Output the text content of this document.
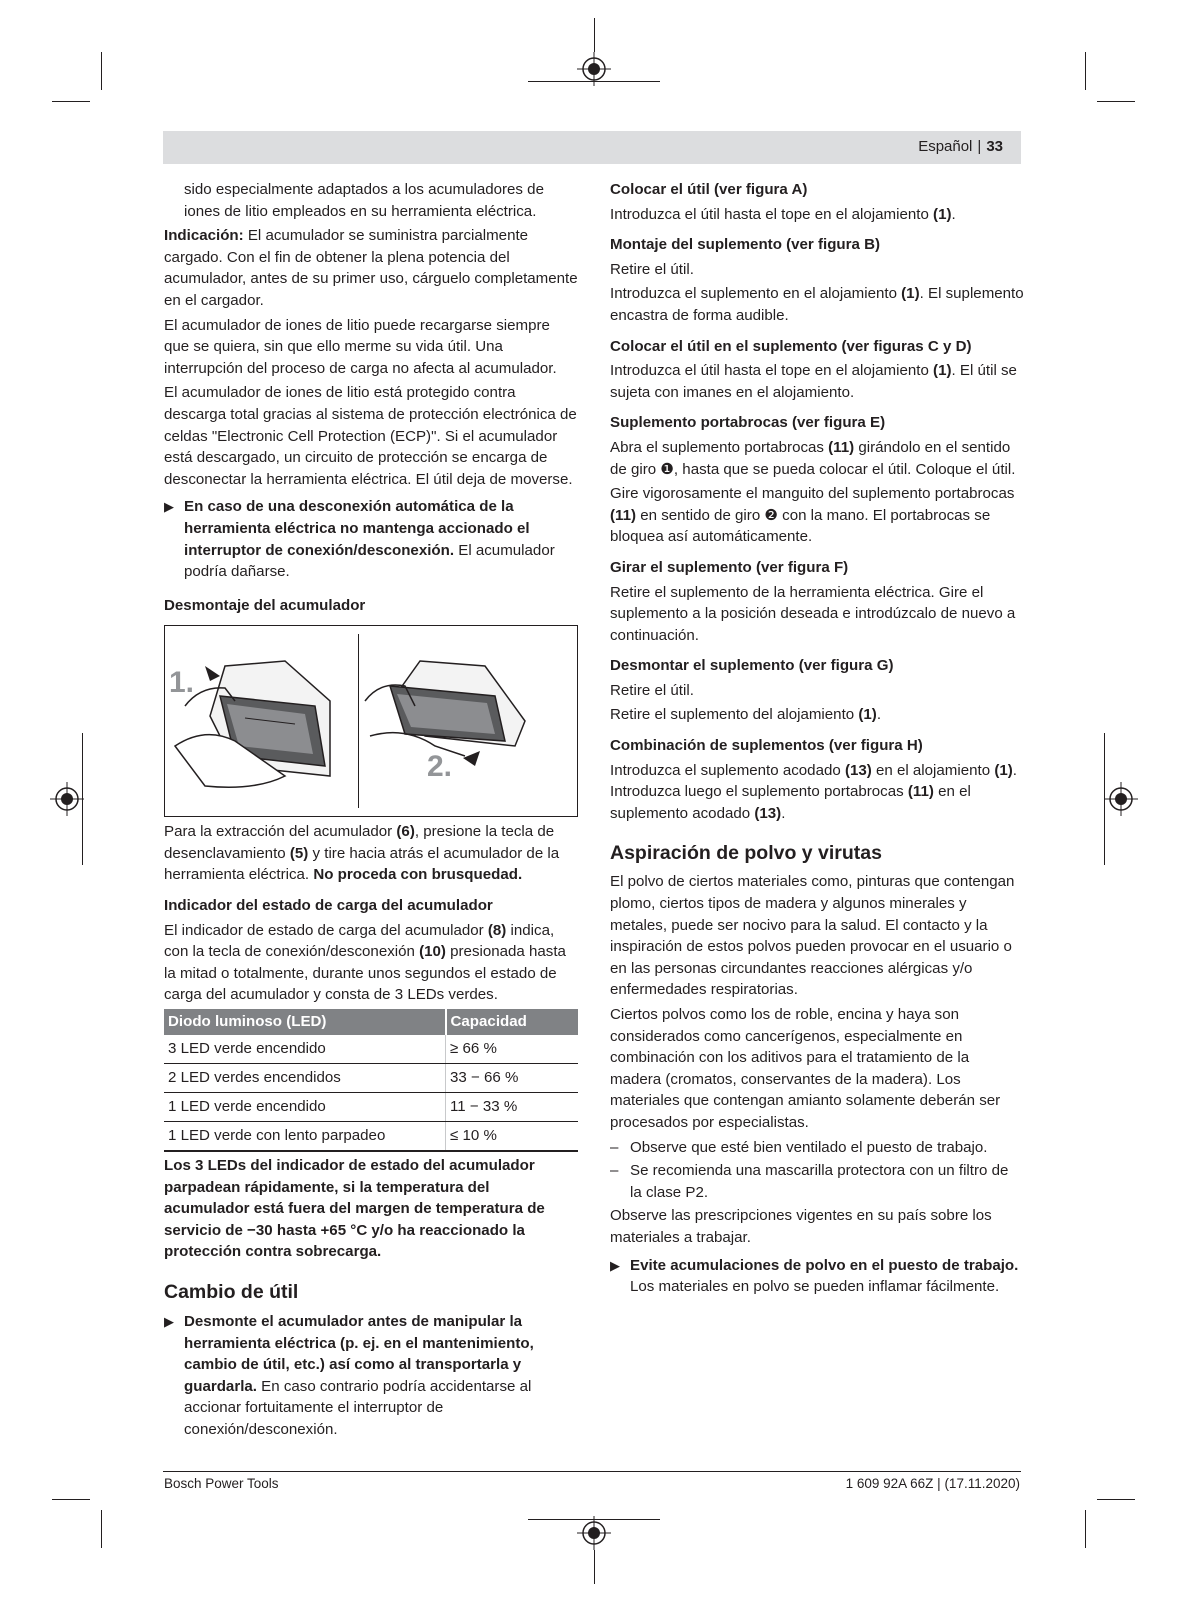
Español | 33

sido especialmente adaptados a los acumuladores de iones de litio empleados en su herramienta eléctrica.

Indicación: El acumulador se suministra parcialmente cargado. Con el fin de obtener la plena potencia del acumulador, antes de su primer uso, cárguelo completamente en el cargador.

El acumulador de iones de litio puede recargarse siempre que se quiera, sin que ello merme su vida útil. Una interrupción del proceso de carga no afecta al acumulador.

El acumulador de iones de litio está protegido contra descarga total gracias al sistema de protección electrónica de celdas "Electronic Cell Protection (ECP)". Si el acumulador está descargado, un circuito de protección se encarga de desconectar la herramienta eléctrica. El útil deja de moverse.

▶ En caso de una desconexión automática de la herramienta eléctrica no mantenga accionado el interruptor de conexión/desconexión. El acumulador podría dañarse.
Desmontaje del acumulador
1.
2.

Para la extracción del acumulador (6), presione la tecla de desenclavamiento (5) y tire hacia atrás el acumulador de la herramienta eléctrica. No proceda con brusquedad.

Indicador del estado de carga del acumulador

El indicador de estado de carga del acumulador (8) indica, con la tecla de conexión/desconexión (10) presionada hasta la mitad o totalmente, durante unos segundos el estado de carga del acumulador y consta de 3 LEDs verdes.

Diodo luminoso (LED)	Capacidad
3 LED verde encendido	≥ 66 %
2 LED verdes encendidos	33 − 66 %
1 LED verde encendido	11 − 33 %
1 LED verde con lento parpadeo	≤ 10 %

Los 3 LEDs del indicador de estado del acumulador parpadean rápidamente, si la temperatura del acumulador está fuera del margen de temperatura de servicio de −30 hasta +65 °C y/o ha reaccionado la protección contra sobrecarga.

Cambio de útil
▶ Desmonte el acumulador antes de manipular la herramienta eléctrica (p. ej. en el mantenimiento, cambio de útil, etc.) así como al transportarla y guardarla. En caso contrario podría accidentarse al accionar fortuitamente el interruptor de conexión/desconexión.
Colocar el útil (ver figura A)

Introduzca el útil hasta el tope en el alojamiento (1).

Montaje del suplemento (ver figura B)

Retire el útil.

Introduzca el suplemento en el alojamiento (1). El suplemento encastra de forma audible.

Colocar el útil en el suplemento (ver figuras C y D)

Introduzca el útil hasta el tope en el alojamiento (1). El útil se sujeta con imanes en el alojamiento.

Suplemento portabrocas (ver figura E)

Abra el suplemento portabrocas (11) girándolo en el sentido de giro ❶, hasta que se pueda colocar el útil. Coloque el útil.

Gire vigorosamente el manguito del suplemento portabrocas (11) en sentido de giro ❷ con la mano. El portabrocas se bloquea así automáticamente.

Girar el suplemento (ver figura F)

Retire el suplemento de la herramienta eléctrica. Gire el suplemento a la posición deseada e introdúzcalo de nuevo a continuación.

Desmontar el suplemento (ver figura G)

Retire el útil.

Retire el suplemento del alojamiento (1).

Combinación de suplementos (ver figura H)

Introduzca el suplemento acodado (13) en el alojamiento (1). Introduzca luego el suplemento portabrocas (11) en el suplemento acodado (13).

Aspiración de polvo y virutas

El polvo de ciertos materiales como, pinturas que contengan plomo, ciertos tipos de madera y algunos minerales y metales, puede ser nocivo para la salud. El contacto y la inspiración de estos polvos pueden provocar en el usuario o en las personas circundantes reacciones alérgicas y/o enfermedades respiratorias.

Ciertos polvos como los de roble, encina y haya son considerados como cancerígenos, especialmente en combinación con los aditivos para el tratamiento de la madera (cromatos, conservantes de la madera). Los materiales que contengan amianto solamente deberán ser procesados por especialistas.

– Observe que esté bien ventilado el puesto de trabajo.
– Se recomienda una mascarilla protectora con un filtro de la clase P2.

Observe las prescripciones vigentes en su país sobre los materiales a trabajar.

▶ Evite acumulaciones de polvo en el puesto de trabajo. Los materiales en polvo se pueden inflamar fácilmente.
Bosch Power Tools	1 609 92A 66Z | (17.11.2020)
